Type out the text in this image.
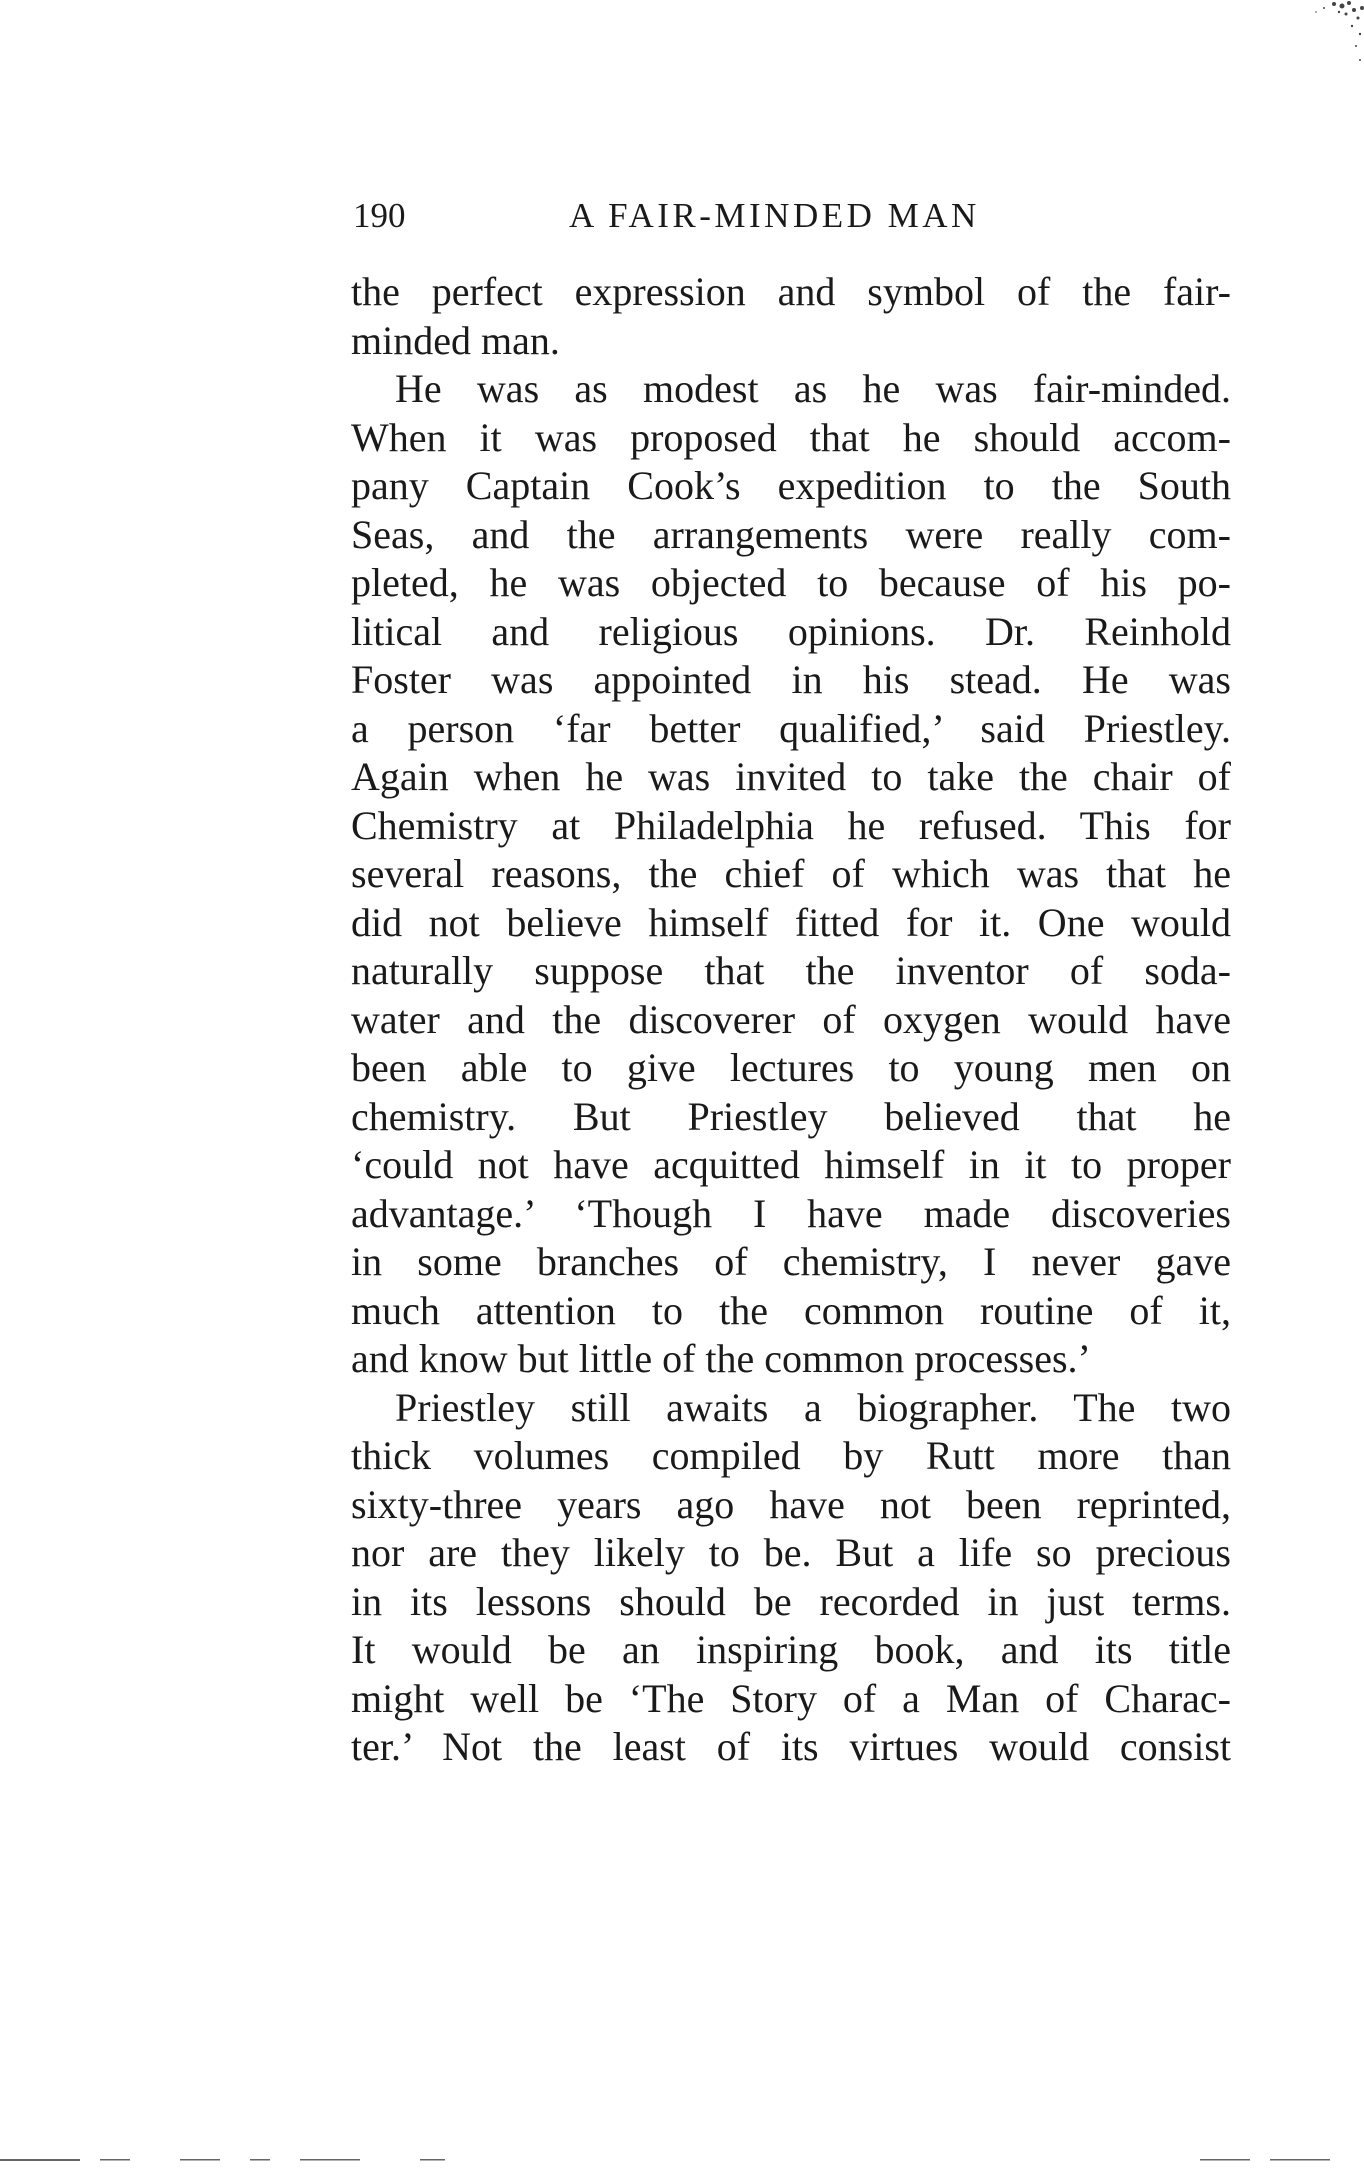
190	A FAIR-MINDED MAN
the perfect expression and symbol of the fair-
minded man.
He was as modest as he was fair-minded.
When it was proposed that he should accom-
pany Captain Cook’s expedition to the South
Seas, and the arrangements were really com-
pleted, he was objected to because of his po-
litical and religious opinions. Dr. Reinhold
Foster was appointed in his stead. He was
a person ‘far better qualified,’ said Priestley.
Again when he was invited to take the chair of
Chemistry at Philadelphia he refused. This for
several reasons, the chief of which was that he
did not believe himself fitted for it. One would
naturally suppose that the inventor of soda-
water and the discoverer of oxygen would have
been able to give lectures to young men on
chemistry. But Priestley believed that he
‘could not have acquitted himself in it to proper
advantage.’ ‘Though I have made discoveries
in some branches of chemistry, I never gave
much attention to the common routine of it,
and know but little of the common processes.’
Priestley still awaits a biographer. The two
thick volumes compiled by Rutt more than
sixty-three years ago have not been reprinted,
nor are they likely to be. But a life so precious
in its lessons should be recorded in just terms.
It would be an inspiring book, and its title
might well be ‘The Story of a Man of Charac-
ter.’ Not the least of its virtues would consist
